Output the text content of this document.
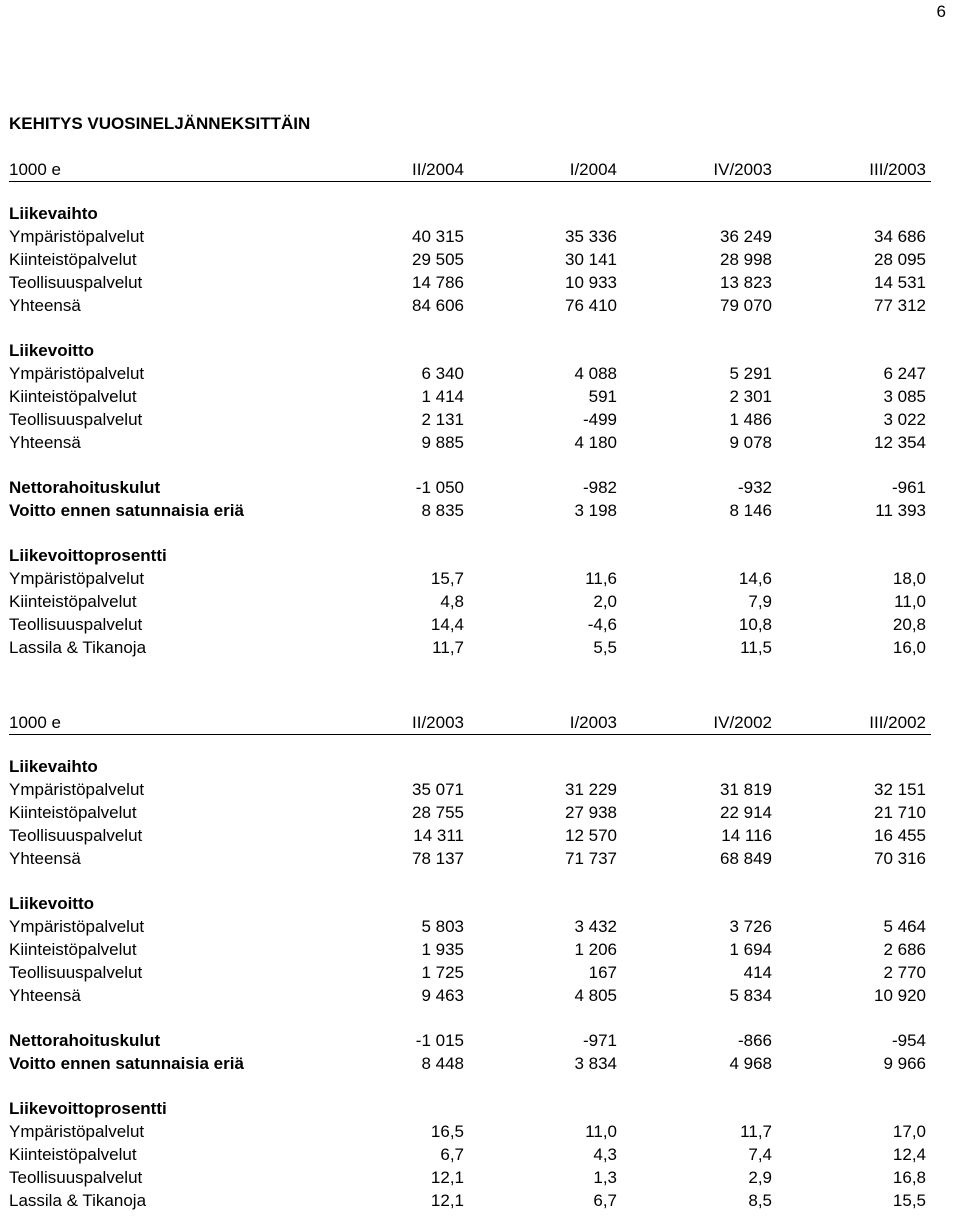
6
KEHITYS VUOSINELJÄNNEKSITTÄIN
1000 e	II/2004	I/2004	IV/2003	III/2003
Liikevaihto
Ympäristöpalvelut	40 315	35 336	36 249	34 686
Kiinteistöpalvelut	29 505	30 141	28 998	28 095
Teollisuuspalvelut	14 786	10 933	13 823	14 531
Yhteensä	84 606	76 410	79 070	77 312
Liikevoitto
Ympäristöpalvelut	6 340	4 088	5 291	6 247
Kiinteistöpalvelut	1 414	591	2 301	3 085
Teollisuuspalvelut	2 131	-499	1 486	3 022
Yhteensä	9 885	4 180	9 078	12 354
Nettorahoituskulut	-1 050	-982	-932	-961
Voitto ennen satunnaisia eriä	8 835	3 198	8 146	11 393
Liikevoittoprosentti
Ympäristöpalvelut	15,7	11,6	14,6	18,0
Kiinteistöpalvelut	4,8	2,0	7,9	11,0
Teollisuuspalvelut	14,4	-4,6	10,8	20,8
Lassila & Tikanoja	11,7	5,5	11,5	16,0
1000 e	II/2003	I/2003	IV/2002	III/2002
Liikevaihto
Ympäristöpalvelut	35 071	31 229	31 819	32 151
Kiinteistöpalvelut	28 755	27 938	22 914	21 710
Teollisuuspalvelut	14 311	12 570	14 116	16 455
Yhteensä	78 137	71 737	68 849	70 316
Liikevoitto
Ympäristöpalvelut	5 803	3 432	3 726	5 464
Kiinteistöpalvelut	1 935	1 206	1 694	2 686
Teollisuuspalvelut	1 725	167	414	2 770
Yhteensä	9 463	4 805	5 834	10 920
Nettorahoituskulut	-1 015	-971	-866	-954
Voitto ennen satunnaisia eriä	8 448	3 834	4 968	9 966
Liikevoittoprosentti
Ympäristöpalvelut	16,5	11,0	11,7	17,0
Kiinteistöpalvelut	6,7	4,3	7,4	12,4
Teollisuuspalvelut	12,1	1,3	2,9	16,8
Lassila & Tikanoja	12,1	6,7	8,5	15,5
